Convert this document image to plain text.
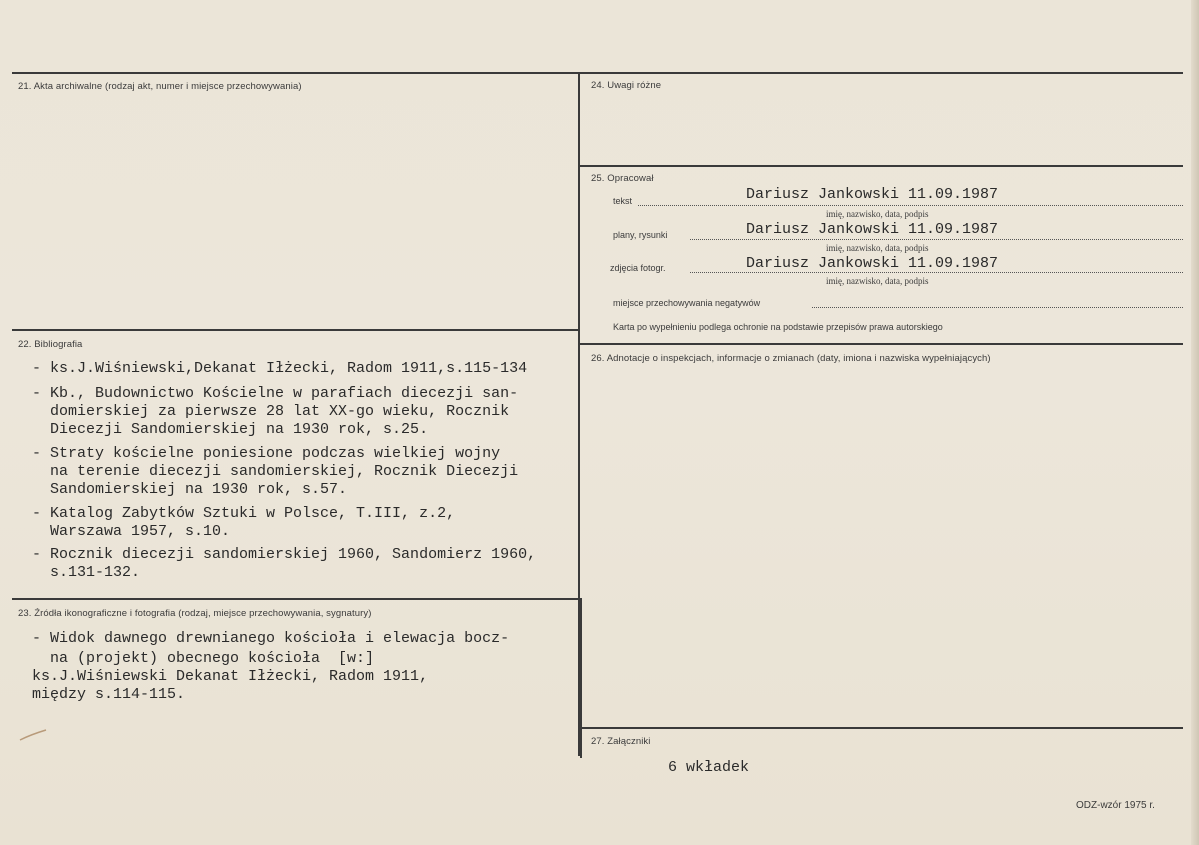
21. Akta archiwalne (rodzaj akt, numer i miejsce przechowywania)	24. Uwagi różne
25. Opracował
tekst	Dariusz Jankowski 11.09.1987
imię, nazwisko, data, podpis
plany, rysunki	Dariusz Jankowski 11.09.1987
imię, nazwisko, data, podpis
zdjęcia fotogr.	Dariusz Jankowski 11.09.1987
imię, nazwisko, data, podpis
miejsce przechowywania negatywów
Karta po wypełnieniu podlega ochronie na podstawie przepisów prawa autorskiego
22. Bibliografia
- ks.J.Wiśniewski,Dekanat Iłżecki, Radom 1911,s.115-134
- Kb., Budownictwo Kościelne w parafiach diecezji san-
domierskiej za pierwsze 28 lat XX-go wieku, Rocznik
Diecezji Sandomierskiej na 1930 rok, s.25.
- Straty kościelne poniesione podczas wielkiej wojny
na terenie diecezji sandomierskiej, Rocznik Diecezji
Sandomierskiej na 1930 rok, s.57.
- Katalog Zabytków Sztuki w Polsce, T.III, z.2,
Warszawa 1957, s.10.
- Rocznik diecezji sandomierskiej 1960, Sandomierz 1960,
s.131-132.
23. Źródła ikonograficzne i fotografia (rodzaj, miejsce przechowywania, sygnatury)
- Widok dawnego drewnianego kościoła i elewacja bocz-
na (projekt) obecnego kościoła  [w:]
ks.J.Wiśniewski Dekanat Iłżecki, Radom 1911,
między s.114-115.
26. Adnotacje o inspekcjach, informacje o zmianach (daty, imiona i nazwiska wypełniających)
27. Załączniki
6 wkładek
ODZ-wzór 1975 r.
